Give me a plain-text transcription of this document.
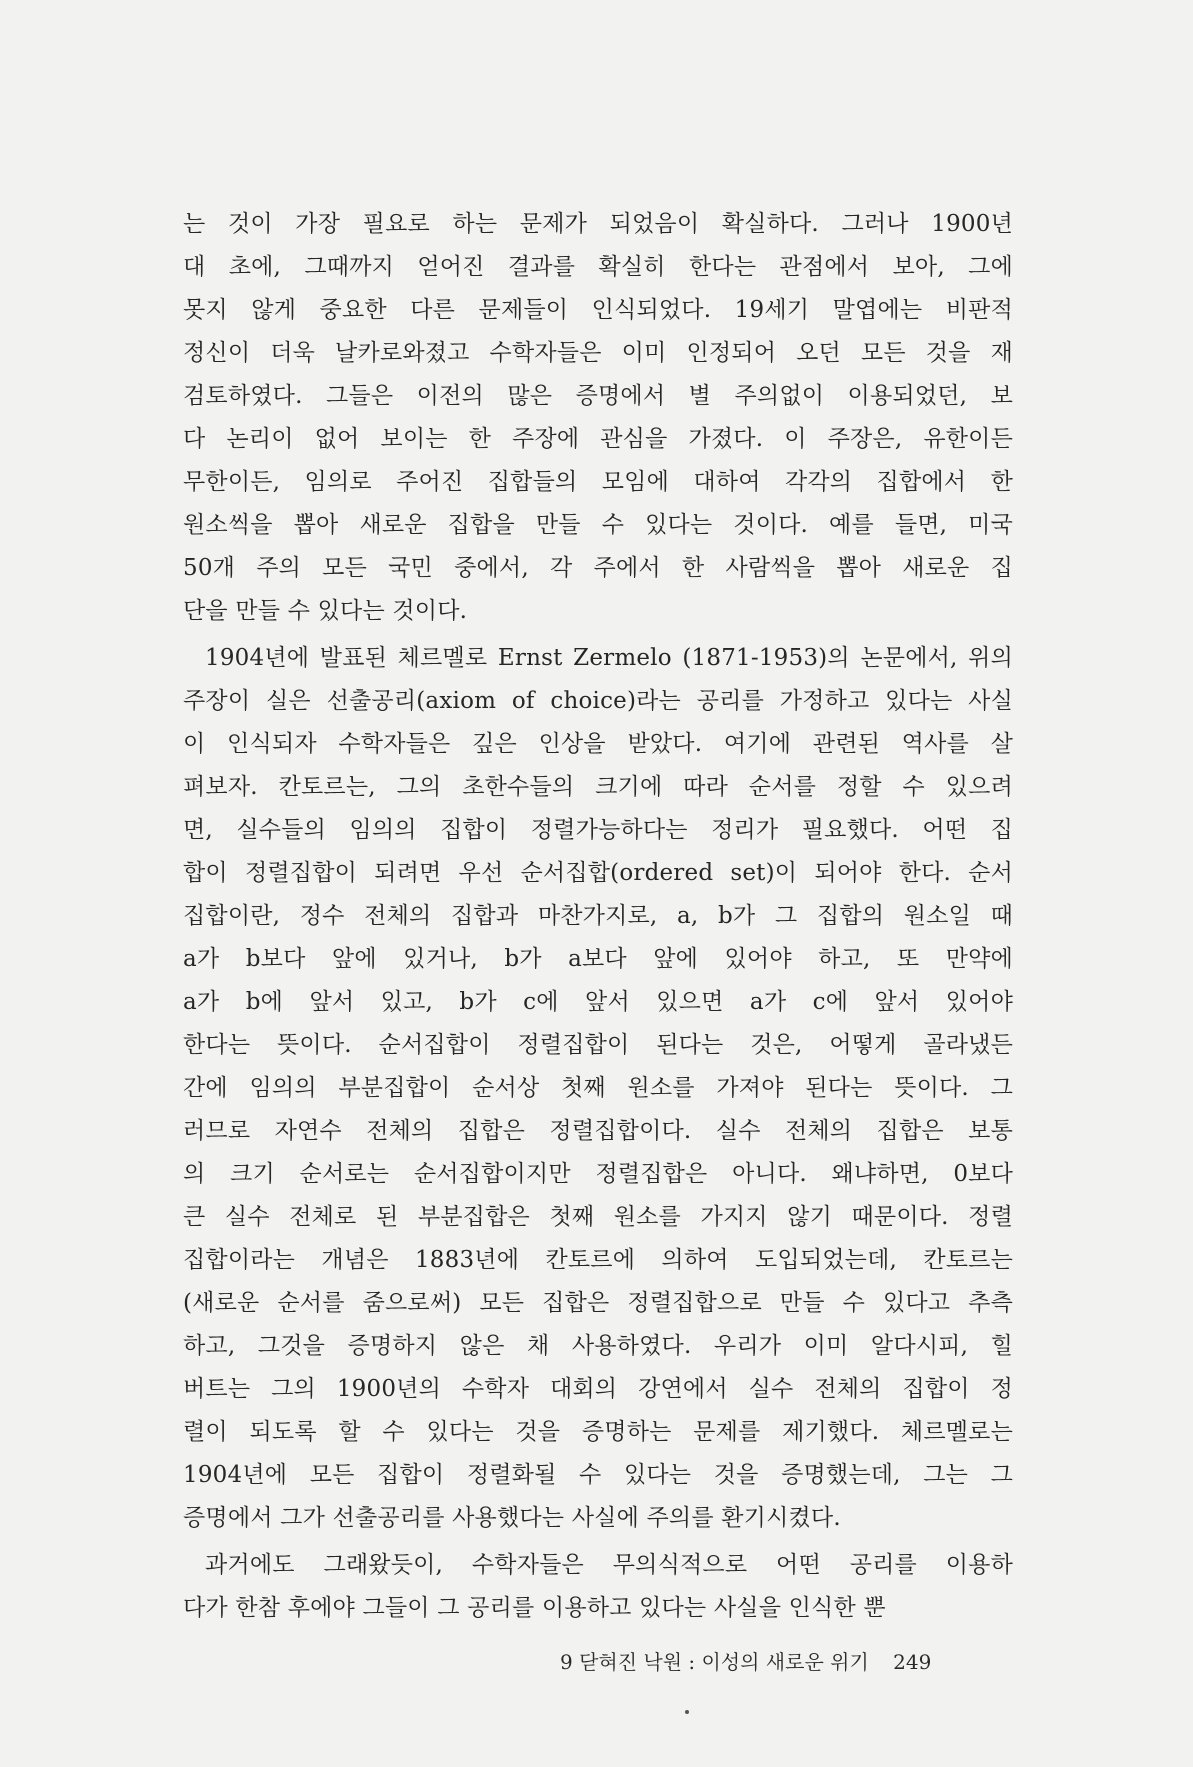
는 것이 가장 필요로 하는 문제가 되었음이 확실하다. 그러나 1900년
대 초에, 그때까지 얻어진 결과를 확실히 한다는 관점에서 보아, 그에
못지 않게 중요한 다른 문제들이 인식되었다. 19세기 말엽에는 비판적
정신이 더욱 날카로와졌고 수학자들은 이미 인정되어 오던 모든 것을 재
검토하였다. 그들은 이전의 많은 증명에서 별 주의없이 이용되었던, 보
다 논리이 없어 보이는 한 주장에 관심을 가졌다. 이 주장은, 유한이든
무한이든, 임의로 주어진 집합들의 모임에 대하여 각각의 집합에서 한
원소씩을 뽑아 새로운 집합을 만들 수 있다는 것이다. 예를 들면, 미국
50개 주의 모든 국민 중에서, 각 주에서 한 사람씩을 뽑아 새로운 집
단을 만들 수 있다는 것이다.
1904년에 발표된 체르멜로 Ernst Zermelo (1871-1953)의 논문에서, 위의
주장이 실은 선출공리(axiom of choice)라는 공리를 가정하고 있다는 사실
이 인식되자 수학자들은 깊은 인상을 받았다. 여기에 관련된 역사를 살
펴보자. 칸토르는, 그의 초한수들의 크기에 따라 순서를 정할 수 있으려
면, 실수들의 임의의 집합이 정렬가능하다는 정리가 필요했다. 어떤 집
합이 정렬집합이 되려면 우선 순서집합(ordered set)이 되어야 한다. 순서
집합이란, 정수 전체의 집합과 마찬가지로, a, b가 그 집합의 원소일 때
a가 b보다 앞에 있거나, b가 a보다 앞에 있어야 하고, 또 만약에
a가 b에 앞서 있고, b가 c에 앞서 있으면 a가 c에 앞서 있어야
한다는 뜻이다. 순서집합이 정렬집합이 된다는 것은, 어떻게 골라냈든
간에 임의의 부분집합이 순서상 첫째 원소를 가져야 된다는 뜻이다. 그
러므로 자연수 전체의 집합은 정렬집합이다. 실수 전체의 집합은 보통
의 크기 순서로는 순서집합이지만 정렬집합은 아니다. 왜냐하면, 0보다
큰 실수 전체로 된 부분집합은 첫째 원소를 가지지 않기 때문이다. 정렬
집합이라는 개념은 1883년에 칸토르에 의하여 도입되었는데, 칸토르는
(새로운 순서를 줌으로써) 모든 집합은 정렬집합으로 만들 수 있다고 추측
하고, 그것을 증명하지 않은 채 사용하였다. 우리가 이미 알다시피, 힐
버트는 그의 1900년의 수학자 대회의 강연에서 실수 전체의 집합이 정
렬이 되도록 할 수 있다는 것을 증명하는 문제를 제기했다. 체르멜로는
1904년에 모든 집합이 정렬화될 수 있다는 것을 증명했는데, 그는 그
증명에서 그가 선출공리를 사용했다는 사실에 주의를 환기시켰다.
과거에도 그래왔듯이, 수학자들은 무의식적으로 어떤 공리를 이용하
다가 한참 후에야 그들이 그 공리를 이용하고 있다는 사실을 인식한 뿐
9 닫혀진 낙원 : 이성의 새로운 위기 249
